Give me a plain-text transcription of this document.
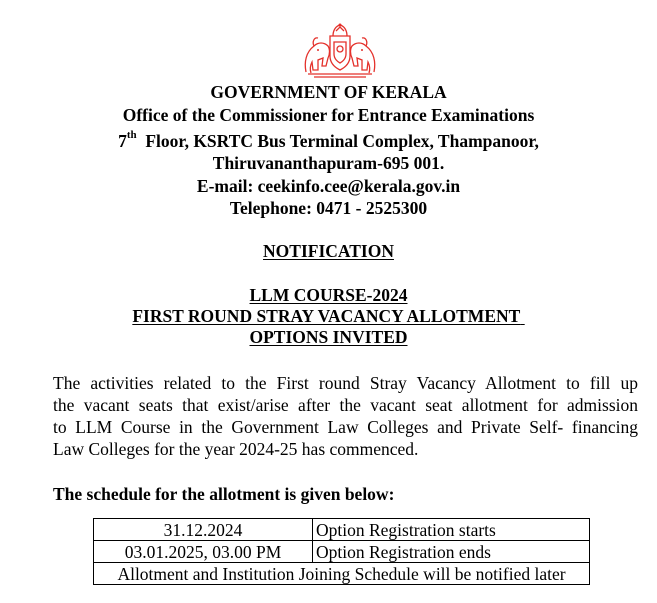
GOVERNMENT OF KERALA
Office of the Commissioner for Entrance Examinations
7th Floor, KSRTC Bus Terminal Complex, Thampanoor,
Thiruvananthapuram-695 001.
E-mail: ceekinfo.cee@kerala.gov.in
Telephone: 0471 - 2525300
NOTIFICATION
LLM COURSE-2024
FIRST ROUND STRAY VACANCY ALLOTMENT
OPTIONS INVITED
The activities related to the First round Stray Vacancy Allotment to fill up
the vacant seats that exist/arise after the vacant seat allotment for admission
to LLM Course in the Government Law Colleges and Private Self- financing
Law Colleges for the year 2024-25 has commenced.
The schedule for the allotment is given below:
31.12.2024	Option Registration starts
03.01.2025, 03.00 PM	Option Registration ends
Allotment and Institution Joining Schedule will be notified later	
